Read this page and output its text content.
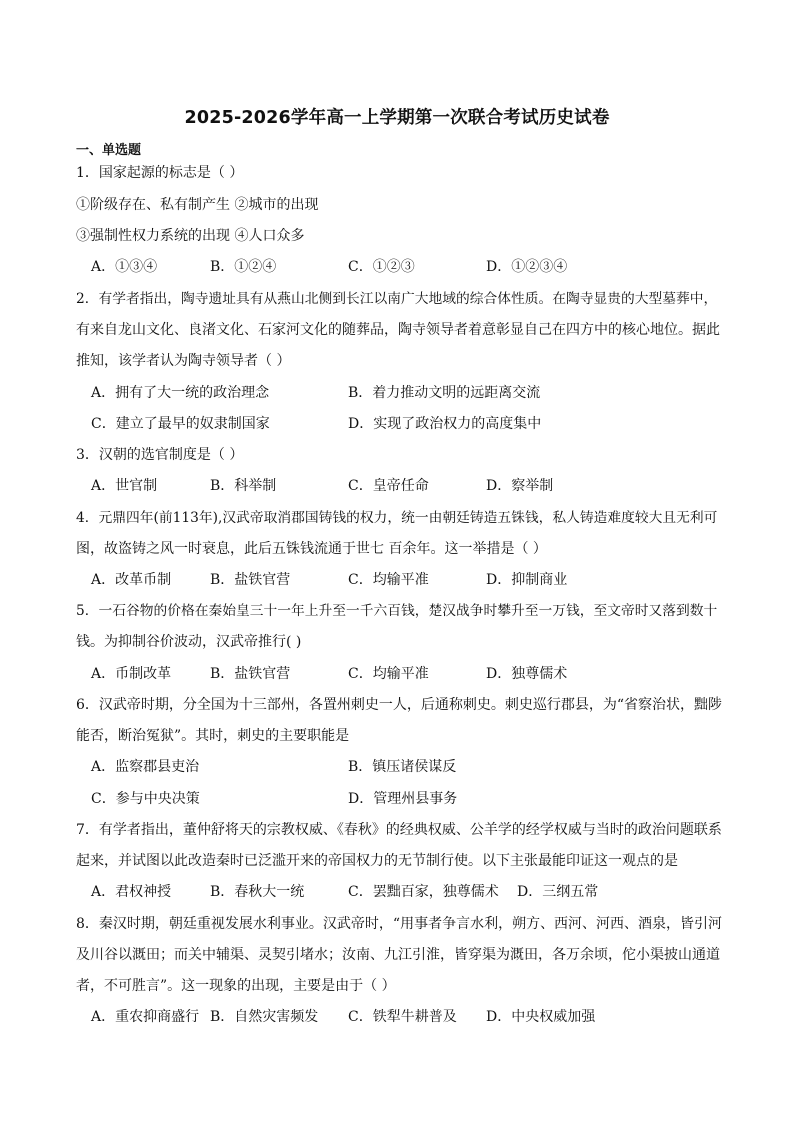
2025-2026学年高一上学期第一次联合考试历史试卷
一、单选题
1．国家起源的标志是（ ）
①阶级存在、私有制产生 ②城市的出现
③强制性权力系统的出现 ④人口众多
A．①③④	B．①②④	C．①②③	D．①②③④
2．有学者指出，陶寺遗址具有从燕山北侧到长江以南广大地域的综合体性质。在陶寺显贵的大型墓葬中，
有来自龙山文化、良渚文化、石家河文化的随葬品，陶寺领导者着意彰显自己在四方中的核心地位。据此
推知，该学者认为陶寺领导者（ ）
A．拥有了大一统的政治理念	B．着力推动文明的远距离交流
C．建立了最早的奴隶制国家	D．实现了政治权力的高度集中
3．汉朝的选官制度是（ ）
A．世官制	B．科举制	C．皇帝任命	D．察举制
4．元鼎四年(前113年),汉武帝取消郡国铸钱的权力，统一由朝廷铸造五铢钱，私人铸造难度较大且无利可
图，故盗铸之风一时衰息，此后五铢钱流通于世七 百余年。这一举措是（ ）
A．改革币制	B．盐铁官营	C．均输平准	D．抑制商业
5．一石谷物的价格在秦始皇三十一年上升至一千六百钱，楚汉战争时攀升至一万钱，至文帝时又落到数十
钱。为抑制谷价波动，汉武帝推行( )
A．币制改革	B．盐铁官营	C．均输平准	D．独尊儒术
6．汉武帝时期，分全国为十三部州，各置州刺史一人，后通称刺史。刺史巡行郡县，为“省察治状，黜陟
能否，断治冤狱”。其时，刺史的主要职能是
A．监察郡县吏治	B．镇压诸侯谋反
C．参与中央决策	D．管理州县事务
7．有学者指出，董仲舒将天的宗教权威、《春秋》的经典权威、公羊学的经学权威与当时的政治问题联系
起来，并试图以此改造秦时已泛滥开来的帝国权力的无节制行使。以下主张最能印证这一观点的是
A．君权神授	B．春秋大一统	C．罢黜百家，独尊儒术 D．三纲五常
8．秦汉时期，朝廷重视发展水利事业。汉武帝时，“用事者争言水利，朔方、西河、河西、酒泉，皆引河
及川谷以溉田；而关中辅渠、灵契引堵水；汝南、九江引淮，皆穿渠为溉田，各万余顷，佗小渠披山通道
者，不可胜言”。这一现象的出现，主要是由于（ ）
A．重农抑商盛行 B．自然灾害频发 C．铁犁牛耕普及 D．中央权威加强
